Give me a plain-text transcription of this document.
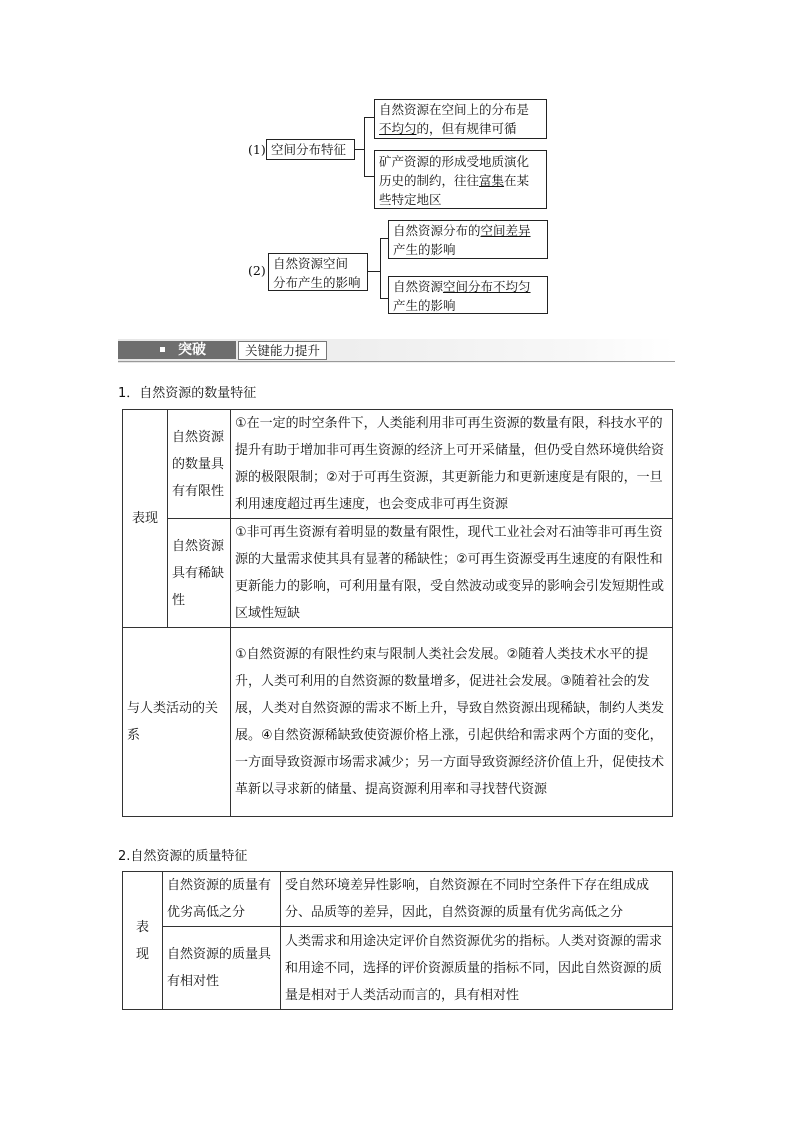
(1) 空间分布特征
自然资源在空间上的分布是
不均匀的，但有规律可循
矿产资源的形成受地质演化
历史的制约，往往富集在某
些特定地区
(2) 自然资源空间
分布产生的影响
自然资源分布的空间差异
产生的影响
自然资源空间分布不均匀
产生的影响
突破	关键能力提升
1．自然资源的数量特征
表现	自然资源的数量具有有限性	①在一定的时空条件下，人类能利用非可再生资源的数量有限，科技水平的提升有助于增加非可再生资源的经济上可开采储量，但仍受自然环境供给资源的极限限制；②对于可再生资源，其更新能力和更新速度是有限的，一旦利用速度超过再生速度，也会变成非可再生资源
	自然资源具有稀缺性	①非可再生资源有着明显的数量有限性，现代工业社会对石油等非可再生资源的大量需求使其具有显著的稀缺性；②可再生资源受再生速度的有限性和更新能力的影响，可利用量有限，受自然波动或变异的影响会引发短期性或区域性短缺
与人类活动的关系		①自然资源的有限性约束与限制人类社会发展。②随着人类技术水平的提升，人类可利用的自然资源的数量增多，促进社会发展。③随着社会的发展，人类对自然资源的需求不断上升，导致自然资源出现稀缺，制约人类发展。④自然资源稀缺致使资源价格上涨，引起供给和需求两个方面的变化，一方面导致资源市场需求减少；另一方面导致资源经济价值上升，促使技术革新以寻求新的储量、提高资源利用率和寻找替代资源
2.自然资源的质量特征
表现	自然资源的质量有优劣高低之分	受自然环境差异性影响，自然资源在不同时空条件下存在组成成分、品质等的差异，因此，自然资源的质量有优劣高低之分
	自然资源的质量具有相对性	人类需求和用途决定评价自然资源优劣的指标。人类对资源的需求和用途不同，选择的评价资源质量的指标不同，因此自然资源的质量是相对于人类活动而言的，具有相对性
